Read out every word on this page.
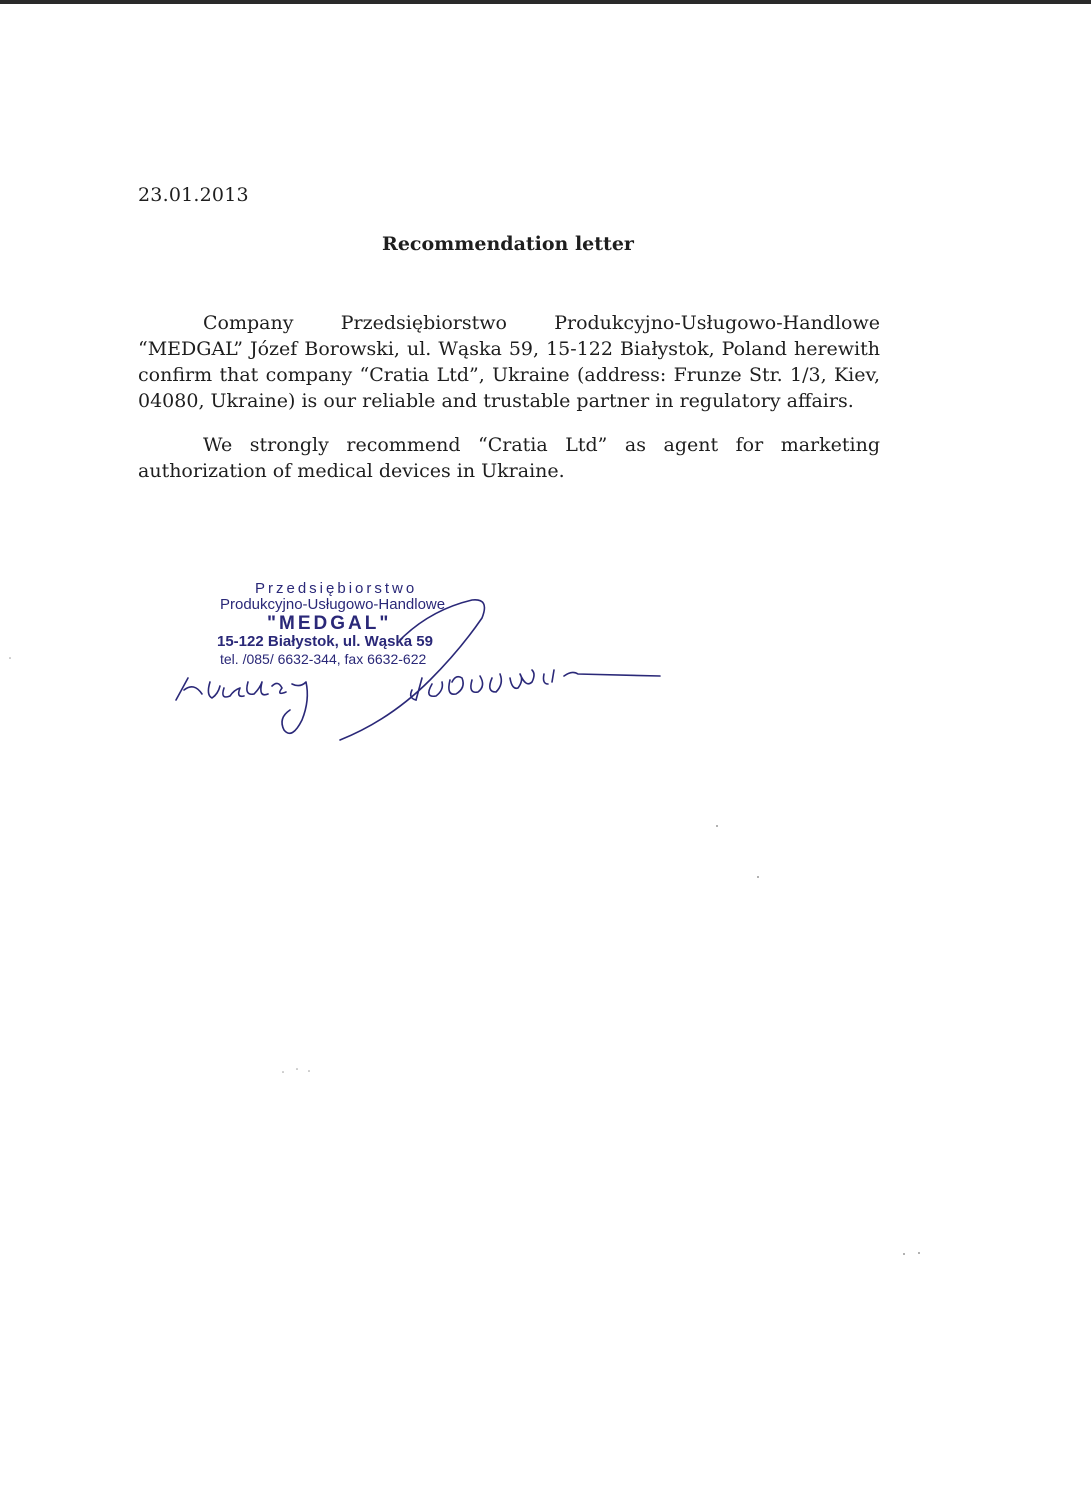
23.01.2013
Recommendation letter

Company Przedsiębiorstwo Produkcyjno-Usługowo-Handlowe “MEDGAL” Józef Borowski, ul. Wąska 59, 15-122 Białystok, Poland herewith confirm that company “Cratia Ltd”, Ukraine (address: Frunze Str. 1/3, Kiev, 04080, Ukraine) is our reliable and trustable partner in regulatory affairs.

We strongly recommend “Cratia Ltd” as agent for marketing authorization of medical devices in Ukraine.

Przedsiębiorstwo
Produkcyjno-Usługowo-Handlowe
"MEDGAL"
15-122 Białystok, ul. Wąska 59
tel. /085/ 6632-344, fax 6632-622
